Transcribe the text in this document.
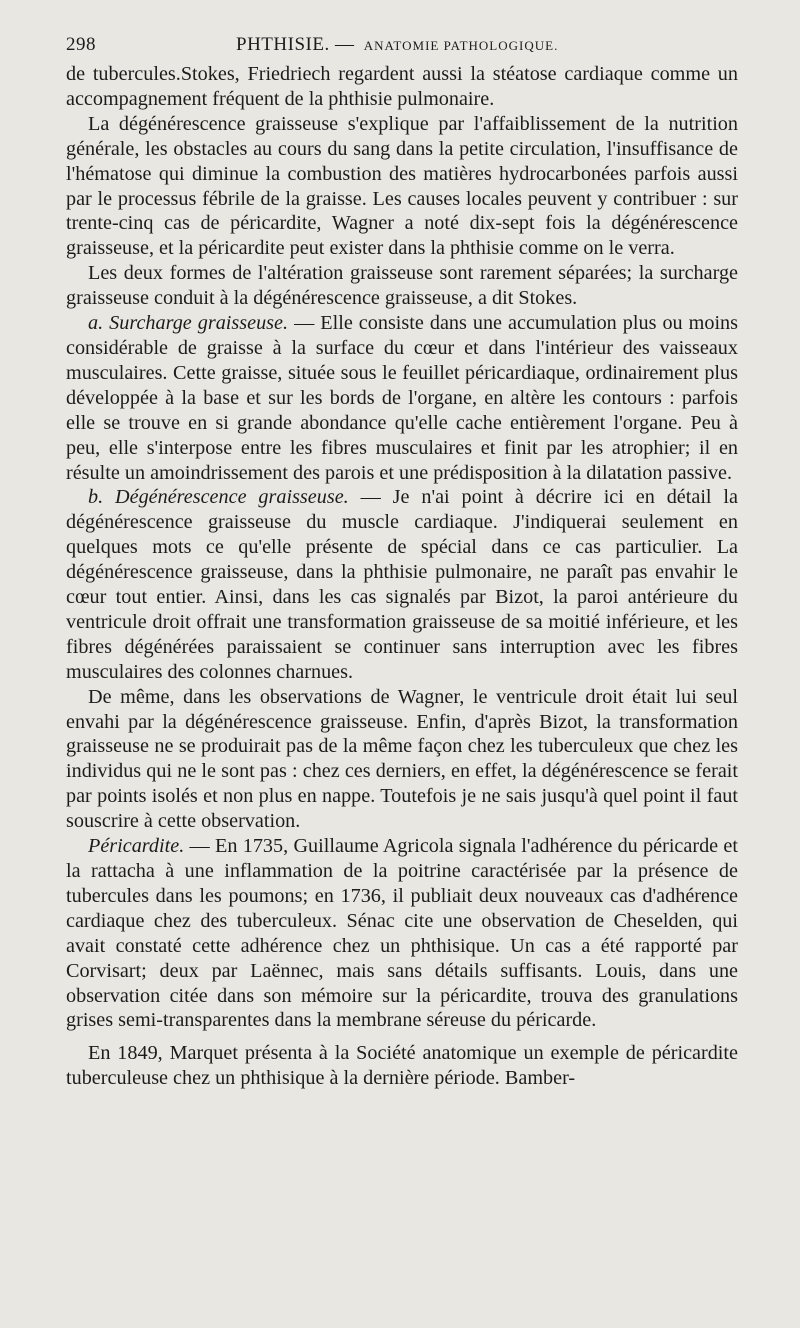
298	PHTHISIE. — ANATOMIE PATHOLOGIQUE.

de tubercules.Stokes, Friedriech regardent aussi la stéatose cardiaque comme un accompagnement fréquent de la phthisie pulmonaire.

La dégénérescence graisseuse s'explique par l'affaiblissement de la nutrition générale, les obstacles au cours du sang dans la petite circulation, l'insuffisance de l'hématose qui diminue la combustion des matières hydrocarbonées parfois aussi par le processus fébrile de la graisse. Les causes locales peuvent y contribuer : sur trente-cinq cas de péricardite, Wagner a noté dix-sept fois la dégénérescence graisseuse, et la péricardite peut exister dans la phthisie comme on le verra.

Les deux formes de l'altération graisseuse sont rarement séparées; la surcharge graisseuse conduit à la dégénérescence graisseuse, a dit Stokes.

a. Surcharge graisseuse. — Elle consiste dans une accumulation plus ou moins considérable de graisse à la surface du cœur et dans l'intérieur des vaisseaux musculaires. Cette graisse, située sous le feuillet péricardiaque, ordinairement plus développée à la base et sur les bords de l'organe, en altère les contours : parfois elle se trouve en si grande abondance qu'elle cache entièrement l'organe. Peu à peu, elle s'interpose entre les fibres musculaires et finit par les atrophier; il en résulte un amoindrissement des parois et une prédisposition à la dilatation passive.

b. Dégénérescence graisseuse. — Je n'ai point à décrire ici en détail la dégénérescence graisseuse du muscle cardiaque. J'indiquerai seulement en quelques mots ce qu'elle présente de spécial dans ce cas particulier. La dégénérescence graisseuse, dans la phthisie pulmonaire, ne paraît pas envahir le cœur tout entier. Ainsi, dans les cas signalés par Bizot, la paroi antérieure du ventricule droit offrait une transformation graisseuse de sa moitié inférieure, et les fibres dégénérées paraissaient se continuer sans interruption avec les fibres musculaires des colonnes charnues.

De même, dans les observations de Wagner, le ventricule droit était lui seul envahi par la dégénérescence graisseuse. Enfin, d'après Bizot, la transformation graisseuse ne se produirait pas de la même façon chez les tuberculeux que chez les individus qui ne le sont pas : chez ces derniers, en effet, la dégénérescence se ferait par points isolés et non plus en nappe. Toutefois je ne sais jusqu'à quel point il faut souscrire à cette observation.

Péricardite. — En 1735, Guillaume Agricola signala l'adhérence du péricarde et la rattacha à une inflammation de la poitrine caractérisée par la présence de tubercules dans les poumons; en 1736, il publiait deux nouveaux cas d'adhérence cardiaque chez des tuberculeux. Sénac cite une observation de Cheselden, qui avait constaté cette adhérence chez un phthisique. Un cas a été rapporté par Corvisart; deux par Laënnec, mais sans détails suffisants. Louis, dans une observation citée dans son mémoire sur la péricardite, trouva des granulations grises semi-transparentes dans la membrane séreuse du péricarde.

En 1849, Marquet présenta à la Société anatomique un exemple de péricardite tuberculeuse chez un phthisique à la dernière période. Bamber-
